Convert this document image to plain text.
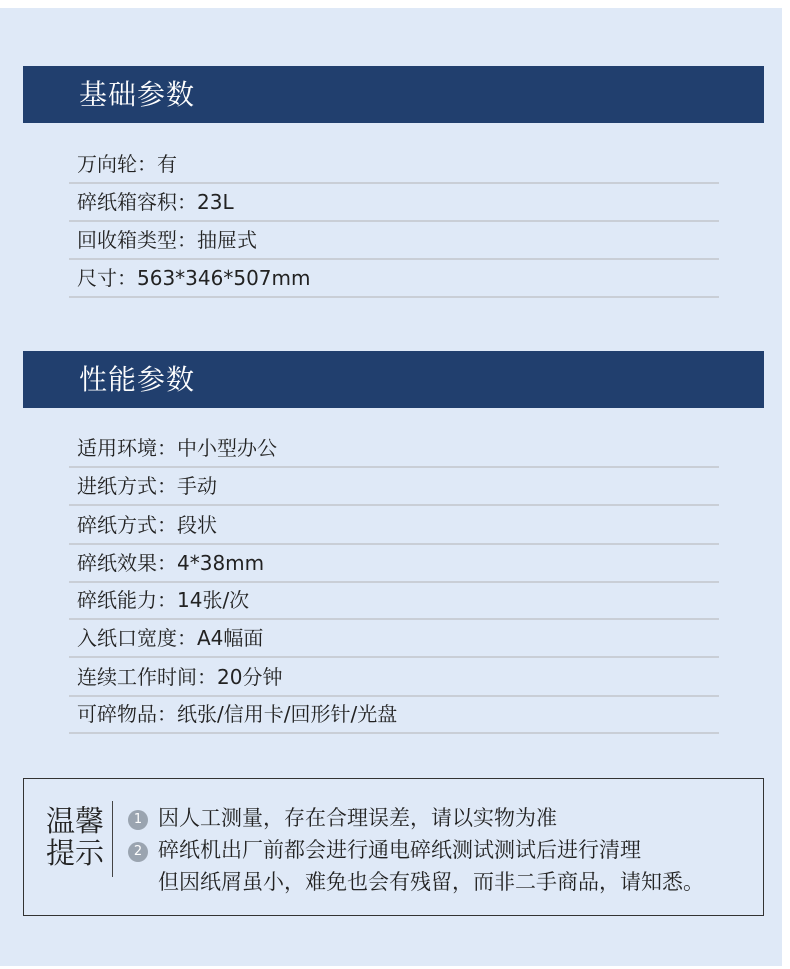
基础参数
万向轮：有
碎纸箱容积：23L
回收箱类型：抽屉式
尺寸：563*346*507mm
性能参数
适用环境：中小型办公
进纸方式：手动
碎纸方式：段状
碎纸效果：4*38mm
碎纸能力：14张/次
入纸口宽度：A4幅面
连续工作时间：20分钟
可碎物品：纸张/信用卡/回形针/光盘
温馨
提示
1 因人工测量，存在合理误差，请以实物为准
2 碎纸机出厂前都会进行通电碎纸测试测试后进行清理
但因纸屑虽小，难免也会有残留，而非二手商品，请知悉。
